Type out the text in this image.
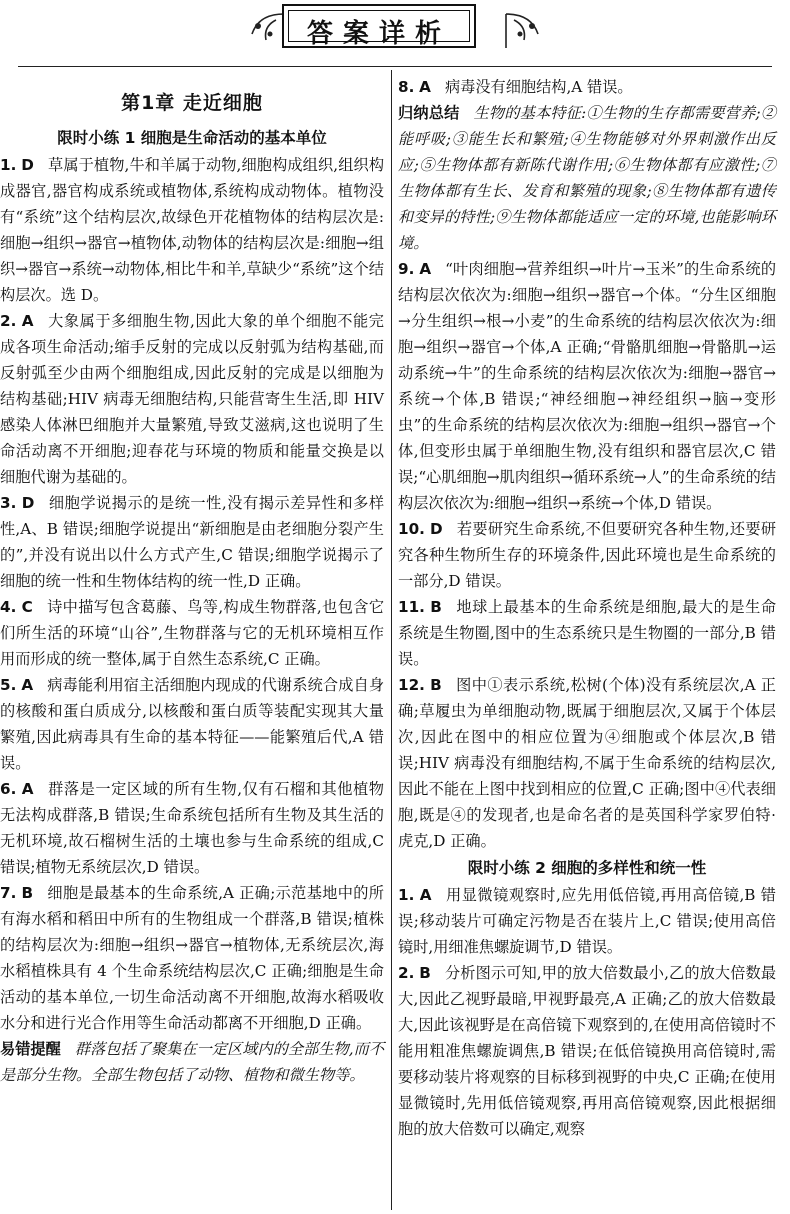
答案详析
第1章 走近细胞
限时小练 1 细胞是生命活动的基本单位

1. D 草属于植物,牛和羊属于动物,细胞构成组织,组织构成器官,器官构成系统或植物体,系统构成动物体。植物没有“系统”这个结构层次,故绿色开花植物体的结构层次是:细胞→组织→器官→植物体,动物体的结构层次是:细胞→组织→器官→系统→动物体,相比牛和羊,草缺少“系统”这个结构层次。选 D。

2. A 大象属于多细胞生物,因此大象的单个细胞不能完成各项生命活动;缩手反射的完成以反射弧为结构基础,而反射弧至少由两个细胞组成,因此反射的完成是以细胞为结构基础;HIV 病毒无细胞结构,只能营寄生生活,即 HIV 感染人体淋巴细胞并大量繁殖,导致艾滋病,这也说明了生命活动离不开细胞;迎春花与环境的物质和能量交换是以细胞代谢为基础的。

3. D 细胞学说揭示的是统一性,没有揭示差异性和多样性,A、B 错误;细胞学说提出“新细胞是由老细胞分裂产生的”,并没有说出以什么方式产生,C 错误;细胞学说揭示了细胞的统一性和生物体结构的统一性,D 正确。

4. C 诗中描写包含葛藤、鸟等,构成生物群落,也包含它们所生活的环境“山谷”,生物群落与它的无机环境相互作用而形成的统一整体,属于自然生态系统,C 正确。

5. A 病毒能利用宿主活细胞内现成的代谢系统合成自身的核酸和蛋白质成分,以核酸和蛋白质等装配实现其大量繁殖,因此病毒具有生命的基本特征——能繁殖后代,A 错误。

6. A 群落是一定区域的所有生物,仅有石榴和其他植物无法构成群落,B 错误;生命系统包括所有生物及其生活的无机环境,故石榴树生活的土壤也参与生命系统的组成,C 错误;植物无系统层次,D 错误。

7. B 细胞是最基本的生命系统,A 正确;示范基地中的所有海水稻和稻田中所有的生物组成一个群落,B 错误;植株的结构层次为:细胞→组织→器官→植物体,无系统层次,海水稻植株具有 4 个生命系统结构层次,C 正确;细胞是生命活动的基本单位,一切生命活动离不开细胞,故海水稻吸收水分和进行光合作用等生命活动都离不开细胞,D 正确。

易错提醒 群落包括了聚集在一定区域内的全部生物,而不是部分生物。全部生物包括了动物、植物和微生物等。

8. A 病毒没有细胞结构,A 错误。

归纳总结 生物的基本特征:①生物的生存都需要营养;②能呼吸;③能生长和繁殖;④生物能够对外界刺激作出反应;⑤生物体都有新陈代谢作用;⑥生物体都有应激性;⑦生物体都有生长、发育和繁殖的现象;⑧生物体都有遗传和变异的特性;⑨生物体都能适应一定的环境,也能影响环境。

9. A “叶肉细胞→营养组织→叶片→玉米”的生命系统的结构层次依次为:细胞→组织→器官→个体。“分生区细胞→分生组织→根→小麦”的生命系统的结构层次依次为:细胞→组织→器官→个体,A 正确;“骨骼肌细胞→骨骼肌→运动系统→牛”的生命系统的结构层次依次为:细胞→器官→系统→个体,B 错误;“神经细胞→神经组织→脑→变形虫”的生命系统的结构层次依次为:细胞→组织→器官→个体,但变形虫属于单细胞生物,没有组织和器官层次,C 错误;“心肌细胞→肌肉组织→循环系统→人”的生命系统的结构层次依次为:细胞→组织→系统→个体,D 错误。

10. D 若要研究生命系统,不但要研究各种生物,还要研究各种生物所生存的环境条件,因此环境也是生命系统的一部分,D 错误。

11. B 地球上最基本的生命系统是细胞,最大的是生命系统是生物圈,图中的生态系统只是生物圈的一部分,B 错误。

12. B 图中①表示系统,松树(个体)没有系统层次,A 正确;草履虫为单细胞动物,既属于细胞层次,又属于个体层次,因此在图中的相应位置为④细胞或个体层次,B 错误;HIV 病毒没有细胞结构,不属于生命系统的结构层次,因此不能在上图中找到相应的位置,C 正确;图中④代表细胞,既是④的发现者,也是命名者的是英国科学家罗伯特·虎克,D 正确。

限时小练 2 细胞的多样性和统一性

1. A 用显微镜观察时,应先用低倍镜,再用高倍镜,B 错误;移动装片可确定污物是否在装片上,C 错误;使用高倍镜时,用细准焦螺旋调节,D 错误。

2. B 分析图示可知,甲的放大倍数最小,乙的放大倍数最大,因此乙视野最暗,甲视野最亮,A 正确;乙的放大倍数最大,因此该视野是在高倍镜下观察到的,在使用高倍镜时不能用粗准焦螺旋调焦,B 错误;在低倍镜换用高倍镜时,需要移动装片将观察的目标移到视野的中央,C 正确;在使用显微镜时,先用低倍镜观察,再用高倍镜观察,因此根据细胞的放大倍数可以确定,观察
